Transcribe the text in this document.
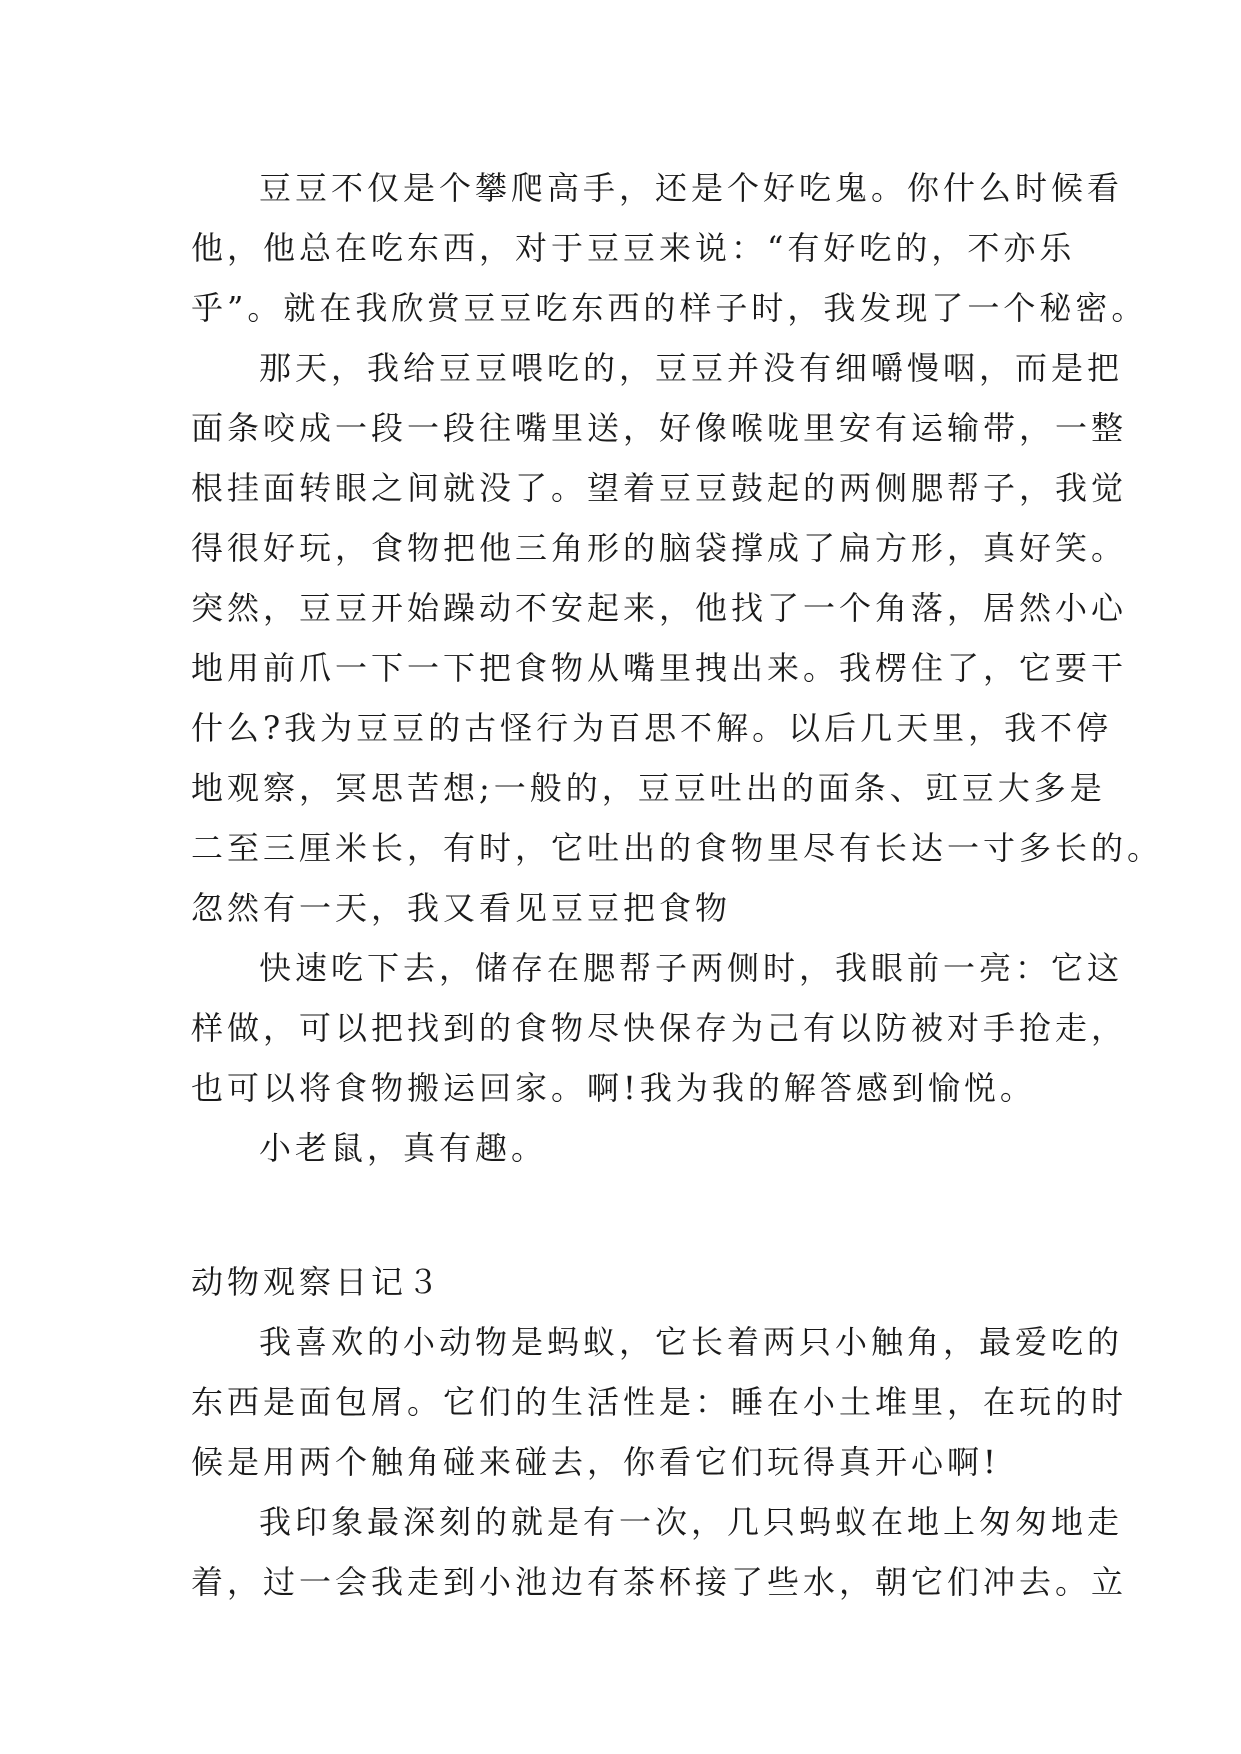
豆豆不仅是个攀爬高手，还是个好吃鬼。你什么时候看
他，他总在吃东西，对于豆豆来说：“有好吃的，不亦乐
乎”。就在我欣赏豆豆吃东西的样子时，我发现了一个秘密。
那天，我给豆豆喂吃的，豆豆并没有细嚼慢咽，而是把
面条咬成一段一段往嘴里送，好像喉咙里安有运输带，一整
根挂面转眼之间就没了。望着豆豆鼓起的两侧腮帮子，我觉
得很好玩，食物把他三角形的脑袋撑成了扁方形，真好笑。
突然，豆豆开始躁动不安起来，他找了一个角落，居然小心
地用前爪一下一下把食物从嘴里拽出来。我楞住了，它要干
什么?我为豆豆的古怪行为百思不解。以后几天里，我不停
地观察，冥思苦想;一般的，豆豆吐出的面条、豇豆大多是
二至三厘米长，有时，它吐出的食物里尽有长达一寸多长的。
忽然有一天，我又看见豆豆把食物
快速吃下去，储存在腮帮子两侧时，我眼前一亮：它这
样做，可以把找到的食物尽快保存为己有以防被对手抢走，
也可以将食物搬运回家。啊!我为我的解答感到愉悦。
小老鼠，真有趣。
动物观察日记３
我喜欢的小动物是蚂蚁，它长着两只小触角，最爱吃的
东西是面包屑。它们的生活性是：睡在小土堆里，在玩的时
候是用两个触角碰来碰去，你看它们玩得真开心啊!
我印象最深刻的就是有一次，几只蚂蚁在地上匆匆地走
着，过一会我走到小池边有茶杯接了些水，朝它们冲去。立
